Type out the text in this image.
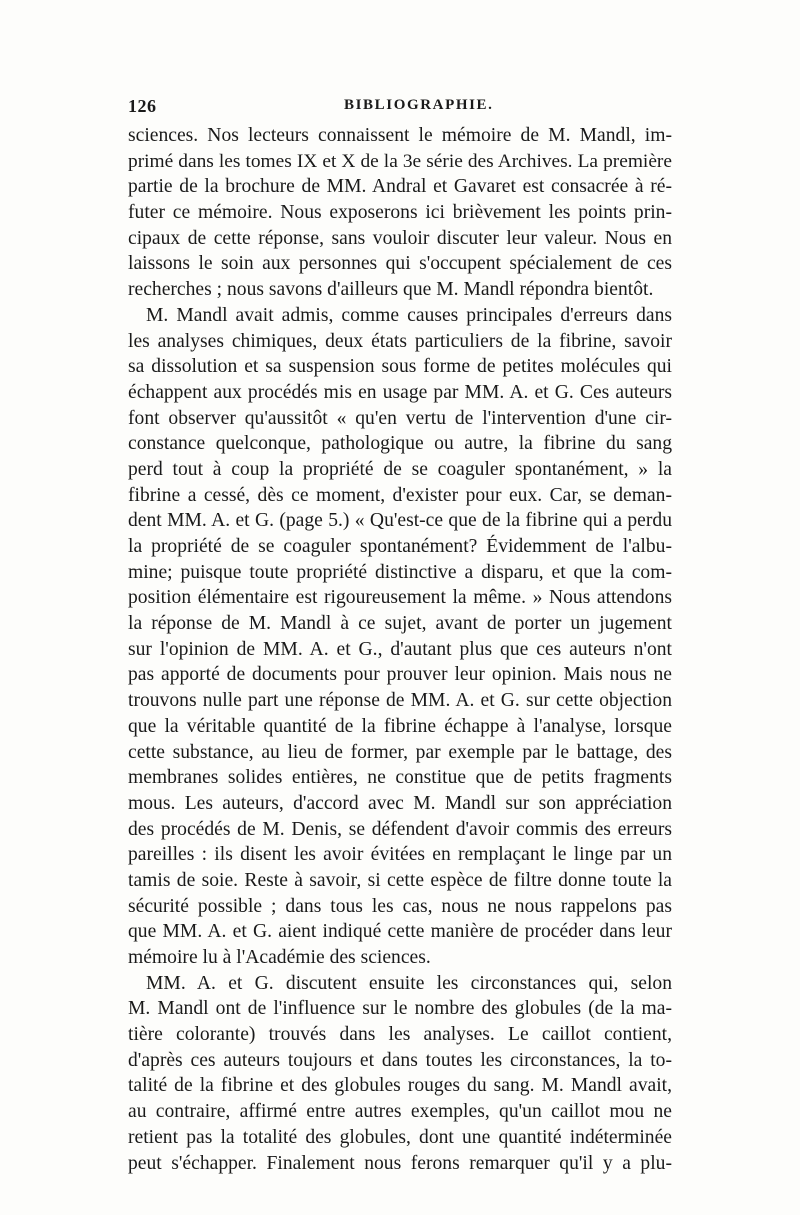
126	BIBLIOGRAPHIE.
sciences. Nos lecteurs connaissent le mémoire de M. Mandl, im-
primé dans les tomes IX et X de la 3e série des Archives. La première
partie de la brochure de MM. Andral et Gavaret est consacrée à ré-
futer ce mémoire. Nous exposerons ici brièvement les points prin-
cipaux de cette réponse, sans vouloir discuter leur valeur. Nous en
laissons le soin aux personnes qui s'occupent spécialement de ces
recherches ; nous savons d'ailleurs que M. Mandl répondra bientôt.
M. Mandl avait admis, comme causes principales d'erreurs dans
les analyses chimiques, deux états particuliers de la fibrine, savoir
sa dissolution et sa suspension sous forme de petites molécules qui
échappent aux procédés mis en usage par MM. A. et G. Ces auteurs
font observer qu'aussitôt « qu'en vertu de l'intervention d'une cir-
constance quelconque, pathologique ou autre, la fibrine du sang
perd tout à coup la propriété de se coaguler spontanément, » la
fibrine a cessé, dès ce moment, d'exister pour eux. Car, se deman-
dent MM. A. et G. (page 5.) « Qu'est-ce que de la fibrine qui a perdu
la propriété de se coaguler spontanément? Évidemment de l'albu-
mine; puisque toute propriété distinctive a disparu, et que la com-
position élémentaire est rigoureusement la même. » Nous attendons
la réponse de M. Mandl à ce sujet, avant de porter un jugement
sur l'opinion de MM. A. et G., d'autant plus que ces auteurs n'ont
pas apporté de documents pour prouver leur opinion. Mais nous ne
trouvons nulle part une réponse de MM. A. et G. sur cette objection
que la véritable quantité de la fibrine échappe à l'analyse, lorsque
cette substance, au lieu de former, par exemple par le battage, des
membranes solides entières, ne constitue que de petits fragments
mous. Les auteurs, d'accord avec M. Mandl sur son appréciation
des procédés de M. Denis, se défendent d'avoir commis des erreurs
pareilles : ils disent les avoir évitées en remplaçant le linge par un
tamis de soie. Reste à savoir, si cette espèce de filtre donne toute la
sécurité possible ; dans tous les cas, nous ne nous rappelons pas
que MM. A. et G. aient indiqué cette manière de procéder dans leur
mémoire lu à l'Académie des sciences.
MM. A. et G. discutent ensuite les circonstances qui, selon
M. Mandl ont de l'influence sur le nombre des globules (de la ma-
tière colorante) trouvés dans les analyses. Le caillot contient,
d'après ces auteurs toujours et dans toutes les circonstances, la to-
talité de la fibrine et des globules rouges du sang. M. Mandl avait,
au contraire, affirmé entre autres exemples, qu'un caillot mou ne
retient pas la totalité des globules, dont une quantité indéterminée
peut s'échapper. Finalement nous ferons remarquer qu'il y a plu-
